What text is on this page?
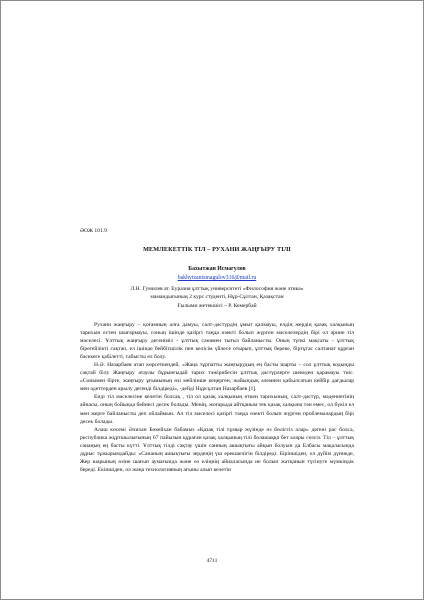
ӘОЖ 101.9
МЕМЛЕКЕТТІК ТІЛ – РУХАНИ ЖАҢҒЫРУ ТІЛІ
Бахытжан Исмагулов
bakhytzanismagulov316@mail.ru
Л.Н. Гумилев ат. Еуразия ұлттық университеті «Философия және этика»
мамандығының 2 курс студенті, Нұр-Сұлтан, Қазақстан
Ғылыми жетекшісі – Р. Кемербай

Рухани жаңғыру – қоғамның алға дамуы, салт-дәстүрдің ұмыт қалмауы, елдің жердің қазақ халқының тарихын естен шығармауы, соның ішінде қазіргі таңда өзекті болып жүрген мәселелердің бірі ол әрине тіл мәселесі. Ұлттық жаңғыру дегеніміз - ұлттық санамен тығыз байланысты. Оның түпкі мақсаты - ұлттық бірегейлікті сақтап, ел ішінде бейбітшілік пен келісім үйлесе отырып, ұлттық береке, біртұтас салтанат құрған бәсекеге қабілетті, табысты ел болу.

Н.Ә. Назарбаев атап көрсеткендей, «Жаңа тұрпатты жаңғырудың ең басты шарты – сол ұлттық кодыңды сақтай білу Жаңғыру атаулы бұрынғыдай тарих тәжірибесін ұлттық дәстүрлерге шекеден қарамауы тиіс. «Сонымен бірге, жаңғыру ұғымының өзі мейлінше кеңерген, жайындық әлемнен қабылсатын кейбір дағдылар мен әдеттерден арылу дегенді білдіреді», -дейді Нұрсұлтан Назарбаев [1].

Енді тіл мәселесіне келетін болсақ , тіл ол қазақ халқының өткен тарихының, салт-дәстүр, мәдениетінің айнасы, оның бойында бейнесі десек болады. Менің, жоғарыда айтқаным тек қазақ халқына тән емес, ол бүкіл ел мен жерге байланысты деп ойлаймын. Ал тіл мәселесі қазіргі таңда өзекті болып жүрген проблемалардың бірі десек болады.

Алаш көсемі Әлихан Бөкейхан бабамыз «Қазақ тілі ғұмыр жүзінде өз бөлігсіз алар» дегені рас болса, республика жұртшылығының 67 пайызын құраған қазақ халқының тілі болашаққа бет алары сөзсіз. Тіл – ұлттық санаңың ең басты күтті. Ұлттық тілді сақтау үшін санның ашықтығы айқын болуын да Елбасы мақаласында дұрыс тұжырымдайды: «Сананың ашықтығы зердеңің үш ерекшелігін білдіреді. Біріншіден, ол дүйім дүниеде, Жер шарының өзіне шағын аумағында және өз еліңнің айналасында не болып жатқанын түсінуге мүмкіндік береді. Екіншіден, ол жаңа технологияның ағыны алып келетін

4711
